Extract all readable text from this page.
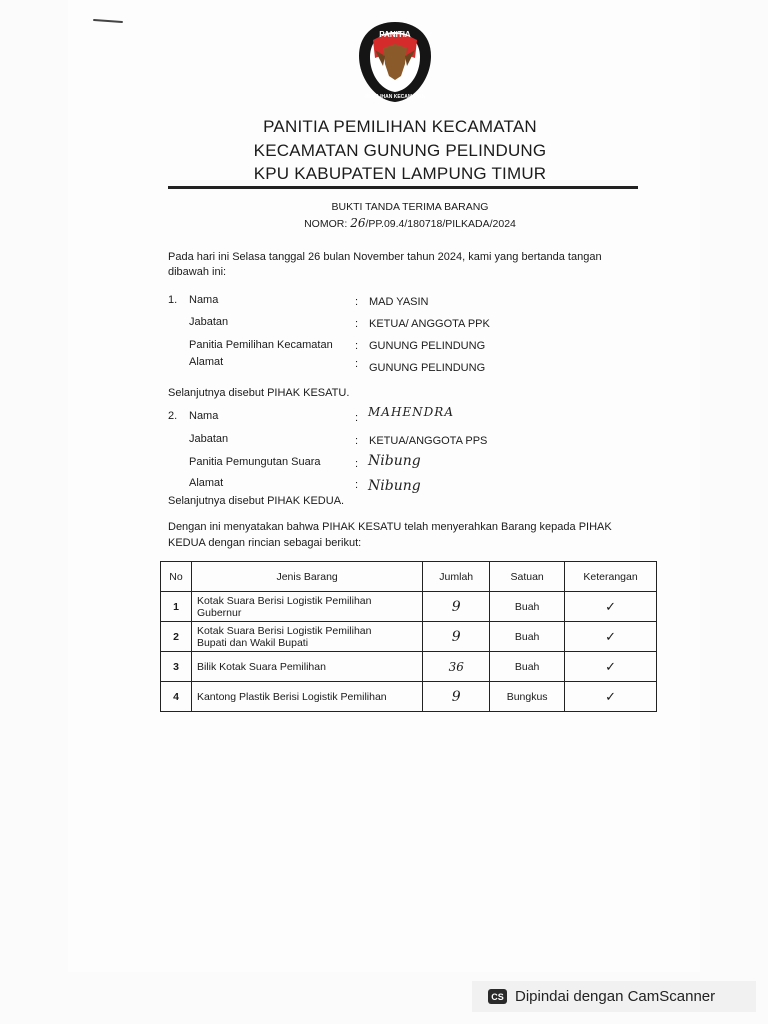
PANITIA
PEMILIHAN KECAMATAN
PANITIA PEMILIHAN KECAMATAN
KECAMATAN GUNUNG PELINDUNG
KPU KABUPATEN LAMPUNG TIMUR
BUKTI TANDA TERIMA BARANG
NOMOR: 26/PP.09.4/180718/PILKADA/2024
Pada hari ini Selasa tanggal 26 bulan November tahun 2024, kami yang bertanda tangan
dibawah ini:
1. Nama	: MAD YASIN
Jabatan	: KETUA/ ANGGOTA PPK
Panitia Pemilihan Kecamatan : GUNUNG PELINDUNG
Alamat	: GUNUNG PELINDUNG
Selanjutnya disebut PIHAK KESATU.
2. Nama	: MAHENDRA
Jabatan	: KETUA/ANGGOTA PPS
Panitia Pemungutan Suara	: Nibung
Alamat	: Nibung
Selanjutnya disebut PIHAK KEDUA.
Dengan ini menyatakan bahwa PIHAK KESATU telah menyerahkan Barang kepada PIHAK
KEDUA dengan rincian sebagai berikut:
No	Jenis Barang	Jumlah	Satuan	Keterangan
1	Kotak Suara Berisi Logistik Pemilihan
Gubernur	9	Buah	✓
2	Kotak Suara Berisi Logistik Pemilihan
Bupati dan Wakil Bupati	9	Buah	✓
3	Bilik Kotak Suara Pemilihan	36	Buah	✓
4	Kantong Plastik Berisi Logistik Pemilihan	9	Bungkus	✓
CS Dipindai dengan CamScanner
